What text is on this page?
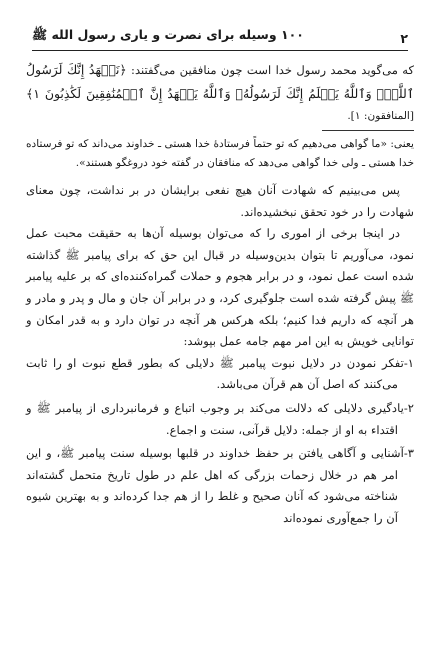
٢
١٠٠ وسیله برای نصرت و یاری رسول الله ﷺ

که می‌گوید محمد رسول خدا است چون منافقین می‌گفتند: ﴿نَشۡهَدُ إِنَّكَ لَرَسُولُ ٱللَّهِۗ وَٱللَّهُ يَعۡلَمُ إِنَّكَ لَرَسُولُهُۥ وَٱللَّهُ يَشۡهَدُ إِنَّ ٱلۡمُنَٰفِقِينَ لَكَٰذِبُونَ ١﴾ [المنافقون: ١].

یعنی: «ما گواهی می‌دهیم که تو حتماً فرستادۀ خدا هستی ـ خداوند می‌داند که تو فرستاده خدا هستی ـ ولی خدا گواهی می‌دهد که منافقان در گفته خود دروغگو هستند».

پس می‌بینیم که شهادت آنان هیچ نفعی برایشان در بر نداشت، چون معنای شهادت را در خود تحقق نبخشیده‌اند.

در اینجا برخی از اموری را که می‌توان بوسیله آن‌ها به حقیقت محبت عمل نمود، می‌آوریم تا بتوان بدین‌وسیله در قبال این حق که برای پیامبر ﷺ گذاشته شده است عمل نمود، و در برابر هجوم و حملات گمراه‌کننده‌ای که بر علیه پیامبر ﷺ پیش گرفته شده است جلوگیری کرد، و در برابر آن جان و مال و پدر و مادر و هر آنچه که داریم فدا کنیم؛ بلکه هرکس هر آنچه در توان دارد و به قدر امکان و توانایی خویش به این امر مهم جامه عمل بپوشد:

١-تفکر نمودن در دلایل نبوت پیامبر ﷺ دلایلی که بطور قطع نبوت او را ثابت می‌کنند که اصل آن هم قرآن می‌باشد.

٢-یادگیری دلایلی که دلالت می‌کند بر وجوب اتباع و فرمانبرداری از پیامبر ﷺ و اقتداء به او از جمله: دلایل قرآنی، سنت و اجماع.

٣-آشنایی و آگاهی یافتن بر حفظ خداوند در قلبها بوسیله سنت پیامبر ﷺ، و این امر هم در خلال زحمات بزرگی که اهل علم در طول تاریخ متحمل گشته‌اند شناخته می‌شود که آنان صحیح و غلط را از هم جدا کرده‌اند و به بهترین شیوه آن را جمع‌آوری نموده‌اند
